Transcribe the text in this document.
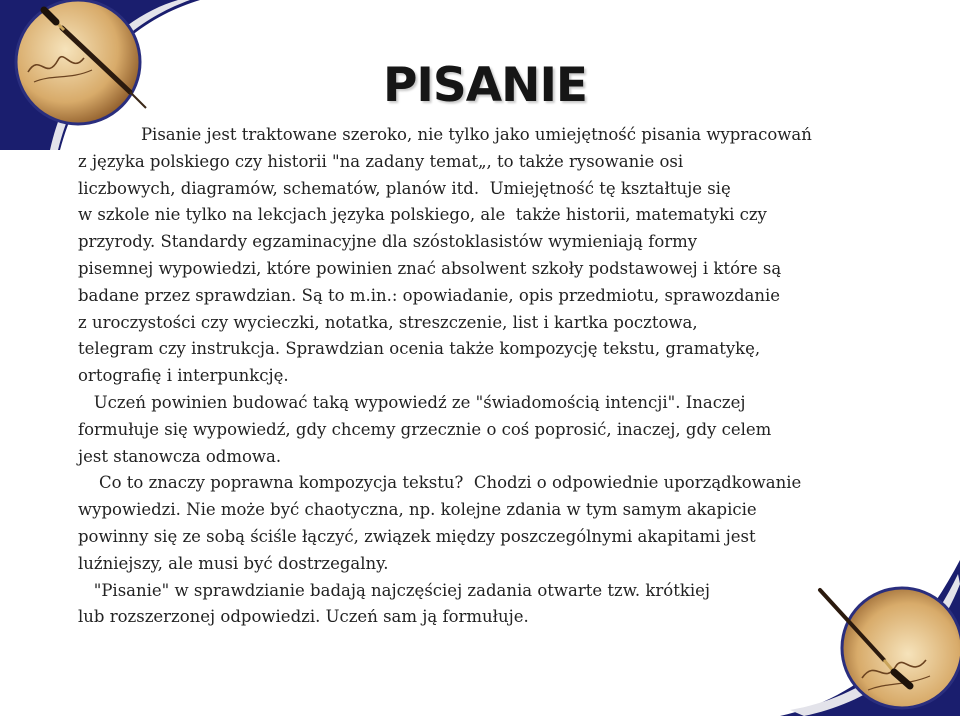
PISANIE
Pisanie jest traktowane szeroko, nie tylko jako umiejętność pisania wypracowań
z języka polskiego czy historii "na zadany temat„, to także rysowanie osi
liczbowych, diagramów, schematów, planów itd.  Umiejętność tę kształtuje się
w szkole nie tylko na lekcjach języka polskiego, ale  także historii, matematyki czy
przyrody. Standardy egzaminacyjne dla szóstoklasistów wymieniają formy
pisemnej wypowiedzi, które powinien znać absolwent szkoły podstawowej i które są
badane przez sprawdzian. Są to m.in.: opowiadanie, opis przedmiotu, sprawozdanie
z uroczystości czy wycieczki, notatka, streszczenie, list i kartka pocztowa,
telegram czy instrukcja. Sprawdzian ocenia także kompozycję tekstu, gramatykę,
ortografię i interpunkcję.
Uczeń powinien budować taką wypowiedź ze "świadomością intencji". Inaczej
formułuje się wypowiedź, gdy chcemy grzecznie o coś poprosić, inaczej, gdy celem
jest stanowcza odmowa.
Co to znaczy poprawna kompozycja tekstu?  Chodzi o odpowiednie uporządkowanie
wypowiedzi. Nie może być chaotyczna, np. kolejne zdania w tym samym akapicie
powinny się ze sobą ściśle łączyć, związek między poszczególnymi akapitami jest
luźniejszy, ale musi być dostrzegalny.
"Pisanie" w sprawdzianie badają najczęściej zadania otwarte tzw. krótkiej
lub rozszerzonej odpowiedzi. Uczeń sam ją formułuje.
